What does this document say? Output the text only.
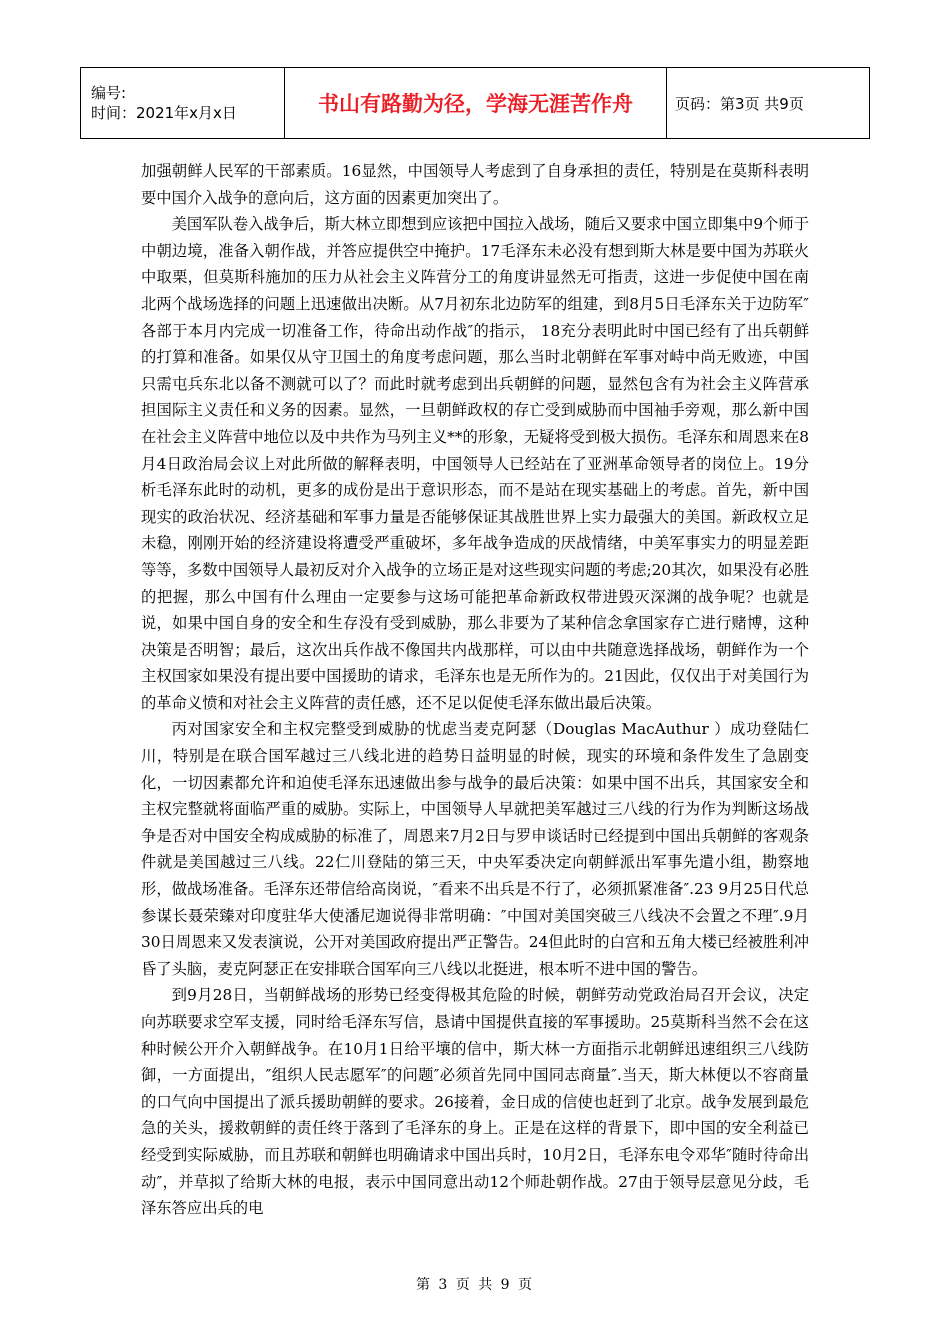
编号:
时间：2021年x月x日	书山有路勤为径，学海无涯苦作舟	页码：第3页 共9页

加强朝鲜人民军的干部素质。16显然，中国领导人考虑到了自身承担的责任，特别是在莫斯科表明要中国介入战争的意向后，这方面的因素更加突出了。

美国军队卷入战争后，斯大林立即想到应该把中国拉入战场，随后又要求中国立即集中9个师于中朝边境，准备入朝作战，并答应提供空中掩护。17毛泽东未必没有想到斯大林是要中国为苏联火中取栗，但莫斯科施加的压力从社会主义阵营分工的角度讲显然无可指责，这进一步促使中国在南北两个战场选择的问题上迅速做出决断。从7月初东北边防军的组建，到8月5日毛泽东关于边防军″各部于本月内完成一切准备工作，待命出动作战″的指示， 18充分表明此时中国已经有了出兵朝鲜的打算和准备。如果仅从守卫国土的角度考虑问题，那么当时北朝鲜在军事对峙中尚无败迹，中国只需屯兵东北以备不测就可以了？而此时就考虑到出兵朝鲜的问题，显然包含有为社会主义阵营承担国际主义责任和义务的因素。显然，一旦朝鲜政权的存亡受到威胁而中国袖手旁观，那么新中国在社会主义阵营中地位以及中共作为马列主义**的形象，无疑将受到极大损伤。毛泽东和周恩来在8月4日政治局会议上对此所做的解释表明，中国领导人已经站在了亚洲革命领导者的岗位上。19分析毛泽东此时的动机，更多的成份是出于意识形态，而不是站在现实基础上的考虑。首先，新中国现实的政治状况、经济基础和军事力量是否能够保证其战胜世界上实力最强大的美国。新政权立足未稳，刚刚开始的经济建设将遭受严重破坏，多年战争造成的厌战情绪，中美军事实力的明显差距等等，多数中国领导人最初反对介入战争的立场正是对这些现实问题的考虑;20其次，如果没有必胜的把握，那么中国有什么理由一定要参与这场可能把革命新政权带进毁灭深渊的战争呢？也就是说，如果中国自身的安全和生存没有受到威胁，那么非要为了某种信念拿国家存亡进行赌博，这种决策是否明智；最后，这次出兵作战不像国共内战那样，可以由中共随意选择战场，朝鲜作为一个主权国家如果没有提出要中国援助的请求，毛泽东也是无所作为的。21因此，仅仅出于对美国行为的革命义愤和对社会主义阵营的责任感，还不足以促使毛泽东做出最后决策。

丙对国家安全和主权完整受到威胁的忧虑当麦克阿瑟（Douglas MacAuthur ）成功登陆仁川，特别是在联合国军越过三八线北进的趋势日益明显的时候，现实的环境和条件发生了急剧变化，一切因素都允许和迫使毛泽东迅速做出参与战争的最后决策：如果中国不出兵，其国家安全和主权完整就将面临严重的威胁。实际上，中国领导人早就把美军越过三八线的行为作为判断这场战争是否对中国安全构成威胁的标准了，周恩来7月2日与罗申谈话时已经提到中国出兵朝鲜的客观条件就是美国越过三八线。22仁川登陆的第三天，中央军委决定向朝鲜派出军事先遣小组，勘察地形，做战场准备。毛泽东还带信给高岗说，″看来不出兵是不行了，必须抓紧准备″.23 9月25日代总参谋长聂荣臻对印度驻华大使潘尼迦说得非常明确：″中国对美国突破三八线决不会置之不理″.9月30日周恩来又发表演说，公开对美国政府提出严正警告。24但此时的白宫和五角大楼已经被胜利冲昏了头脑，麦克阿瑟正在安排联合国军向三八线以北挺进，根本听不进中国的警告。

到9月28日，当朝鲜战场的形势已经变得极其危险的时候，朝鲜劳动党政治局召开会议，决定向苏联要求空军支援，同时给毛泽东写信，恳请中国提供直接的军事援助。25莫斯科当然不会在这种时候公开介入朝鲜战争。在10月1日给平壤的信中，斯大林一方面指示北朝鲜迅速组织三八线防御，一方面提出，″组织人民志愿军″的问题″必须首先同中国同志商量″.当天，斯大林便以不容商量的口气向中国提出了派兵援助朝鲜的要求。26接着，金日成的信使也赶到了北京。战争发展到最危急的关头，援救朝鲜的责任终于落到了毛泽东的身上。正是在这样的背景下，即中国的安全利益已经受到实际威胁，而且苏联和朝鲜也明确请求中国出兵时，10月2日，毛泽东电令邓华″随时待命出动″，并草拟了给斯大林的电报，表示中国同意出动12个师赴朝作战。27由于领导层意见分歧，毛泽东答应出兵的电

第 3 页 共 9 页
